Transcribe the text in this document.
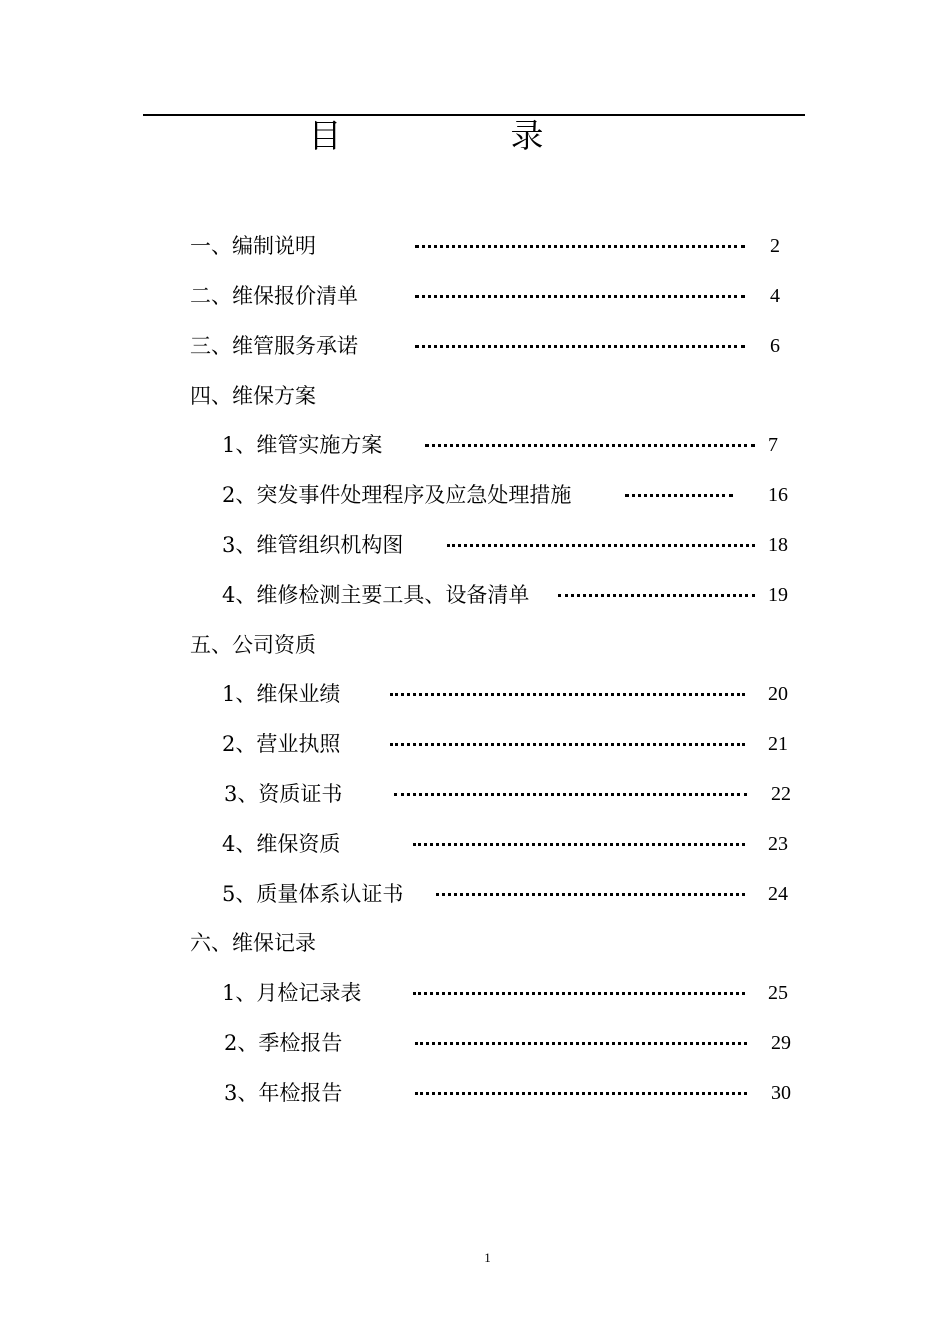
目　录
一、编制说明	2
二、维保报价清单	4
三、维管服务承诺	6
四、维保方案
1、维管实施方案	7
2、突发事件处理程序及应急处理措施	16
3、维管组织机构图	18
4、维修检测主要工具、设备清单	19
五、公司资质
1、维保业绩	20
2、营业执照	21
3、资质证书	22
4、维保资质	23
5、质量体系认证书	24
六、维保记录
1、月检记录表	25
2、季检报告	29
3、年检报告	30
1
